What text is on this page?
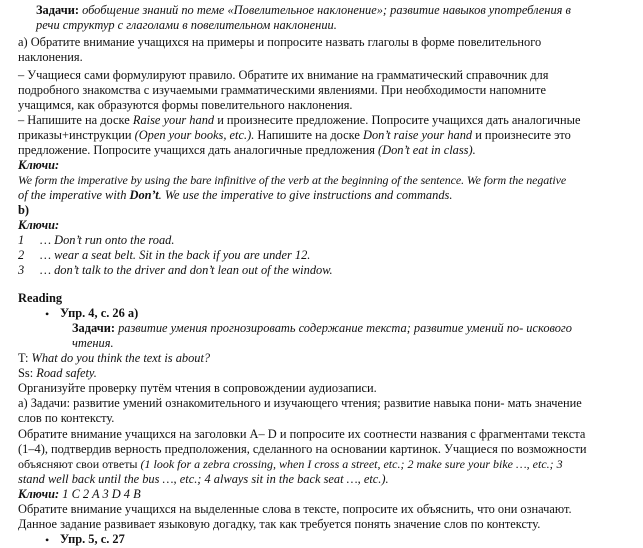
Задачи: обобщение знаний по теме «Повелительное наклонение»; развитие навыков употребления в
речи структур с глаголами в повелительном наклонении.
а) Обратите внимание учащихся на примеры и попросите назвать глаголы в форме повелительного
наклонения.
– Учащиеся сами формулируют правило. Обратите их внимание на грамматический справочник для
подробного знакомства с изучаемыми грамматическими явлениями. При необходимости напомните
учащимся, как образуются формы повелительного наклонения.
– Напишите на доске Raise your hand и произнесите предложение. Попросите учащихся дать аналогичные
приказы+инструкции (Open your books, etc.). Напишите на доске Don’t raise your hand и произнесите это
предложение. Попросите учащихся дать аналогичные предложения (Don’t eat in class).
Ключи:
We form the imperative by using the bare infinitive of the verb at the beginning of the sentence. We form the negative
of the imperative with Don’t. We use the imperative to give instructions and commands.
b)
Ключи:
1 … Don’t run onto the road.
2 … wear a seat belt. Sit in the back if you are under 12.
3 … don’t talk to the driver and don’t lean out of the window.
Reading
• Упр. 4, с. 26 а)
Задачи: развитие умения прогнозировать содержание текста; развитие умений по- искового
чтения.
T: What do you think the text is about?
Ss: Road safety.
Организуйте проверку путём чтения в сопровождении аудиозаписи.
а) Задачи: развитие умений ознакомительного и изучающего чтения; развитие навыка пони- мать значение
слов по контексту.
Обратите внимание учащихся на заголовки A– D и попросите их соотнести названия с фрагментами текста
(1–4), подтвердив верность предположения, сделанного на основании картинок. Учащиеся по возможности
объясняют свои ответы (1 look for a zebra crossing, when I cross a street, etc.; 2 make sure your bike …, etc.; 3
stand well back until the bus …, etc.; 4 always sit in the back seat …, etc.).
Ключи: 1 C 2 A 3 D 4 B
Обратите внимание учащихся на выделенные слова в тексте, попросите их объяснить, что они означают.
Данное задание развивает языковую догадку, так как требуется понять значение слов по контексту.
• Упр. 5, с. 27
